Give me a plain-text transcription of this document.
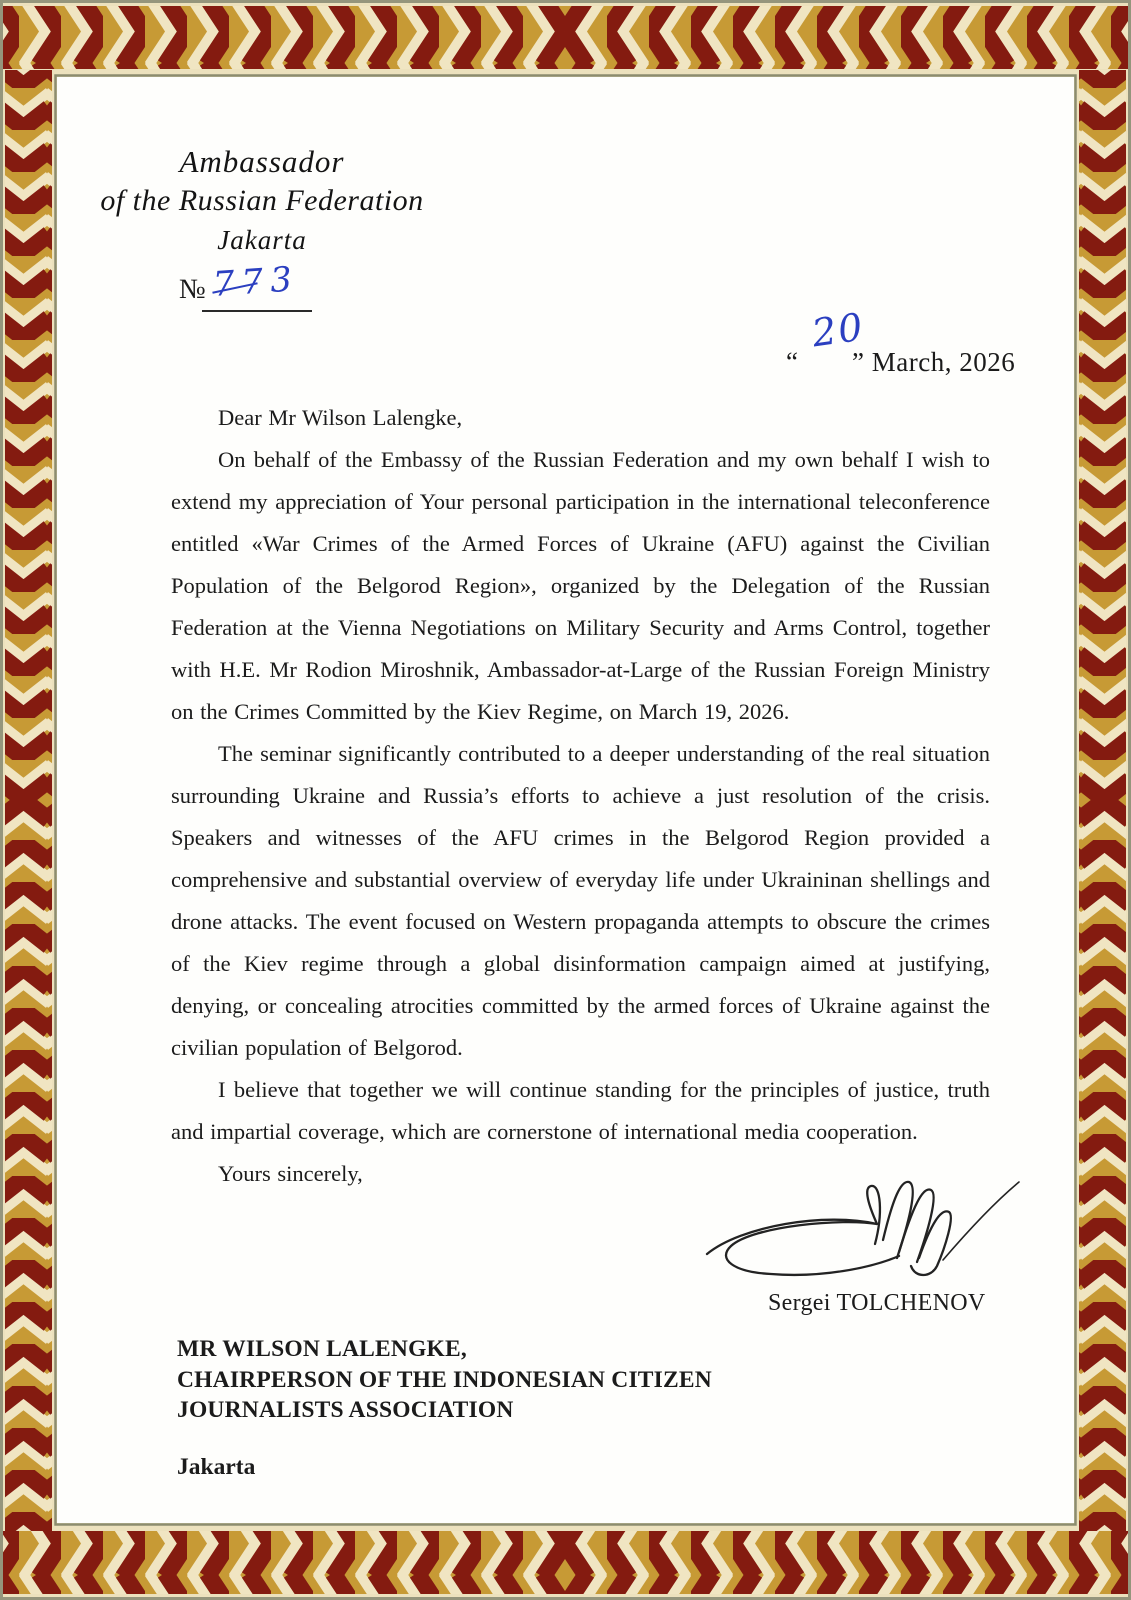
Ambassador
of the Russian Federation
Jakarta
№ 773
“
20
” March, 2026

Dear Mr Wilson Lalengke,

On behalf of the Embassy of the Russian Federation and my own behalf I wish to extend my appreciation of Your personal participation in the international teleconference entitled «War Crimes of the Armed Forces of Ukraine (AFU) against the Civilian Population of the Belgorod Region», organized by the Delegation of the Russian Federation at the Vienna Negotiations on Military Security and Arms Control, together with H.E. Mr Rodion Miroshnik, Ambassador-at-Large of the Russian Foreign Ministry on the Crimes Committed by the Kiev Regime, on March 19, 2026.

The seminar significantly contributed to a deeper understanding of the real situation surrounding Ukraine and Russia’s efforts to achieve a just resolution of the crisis. Speakers and witnesses of the AFU crimes in the Belgorod Region provided a comprehensive and substantial overview of everyday life under Ukraininan shellings and drone attacks. The event focused on Western propaganda attempts to obscure the crimes of the Kiev regime through a global disinformation campaign aimed at justifying, denying, or concealing atrocities committed by the armed forces of Ukraine against the civilian population of Belgorod.

I believe that together we will continue standing for the principles of justice, truth and impartial coverage, which are cornerstone of international media cooperation.

Yours sincerely,

Sergei TOLCHENOV
MR WILSON LALENGKE,
CHAIRPERSON OF THE INDONESIAN CITIZEN
JOURNALISTS ASSOCIATION
Jakarta
